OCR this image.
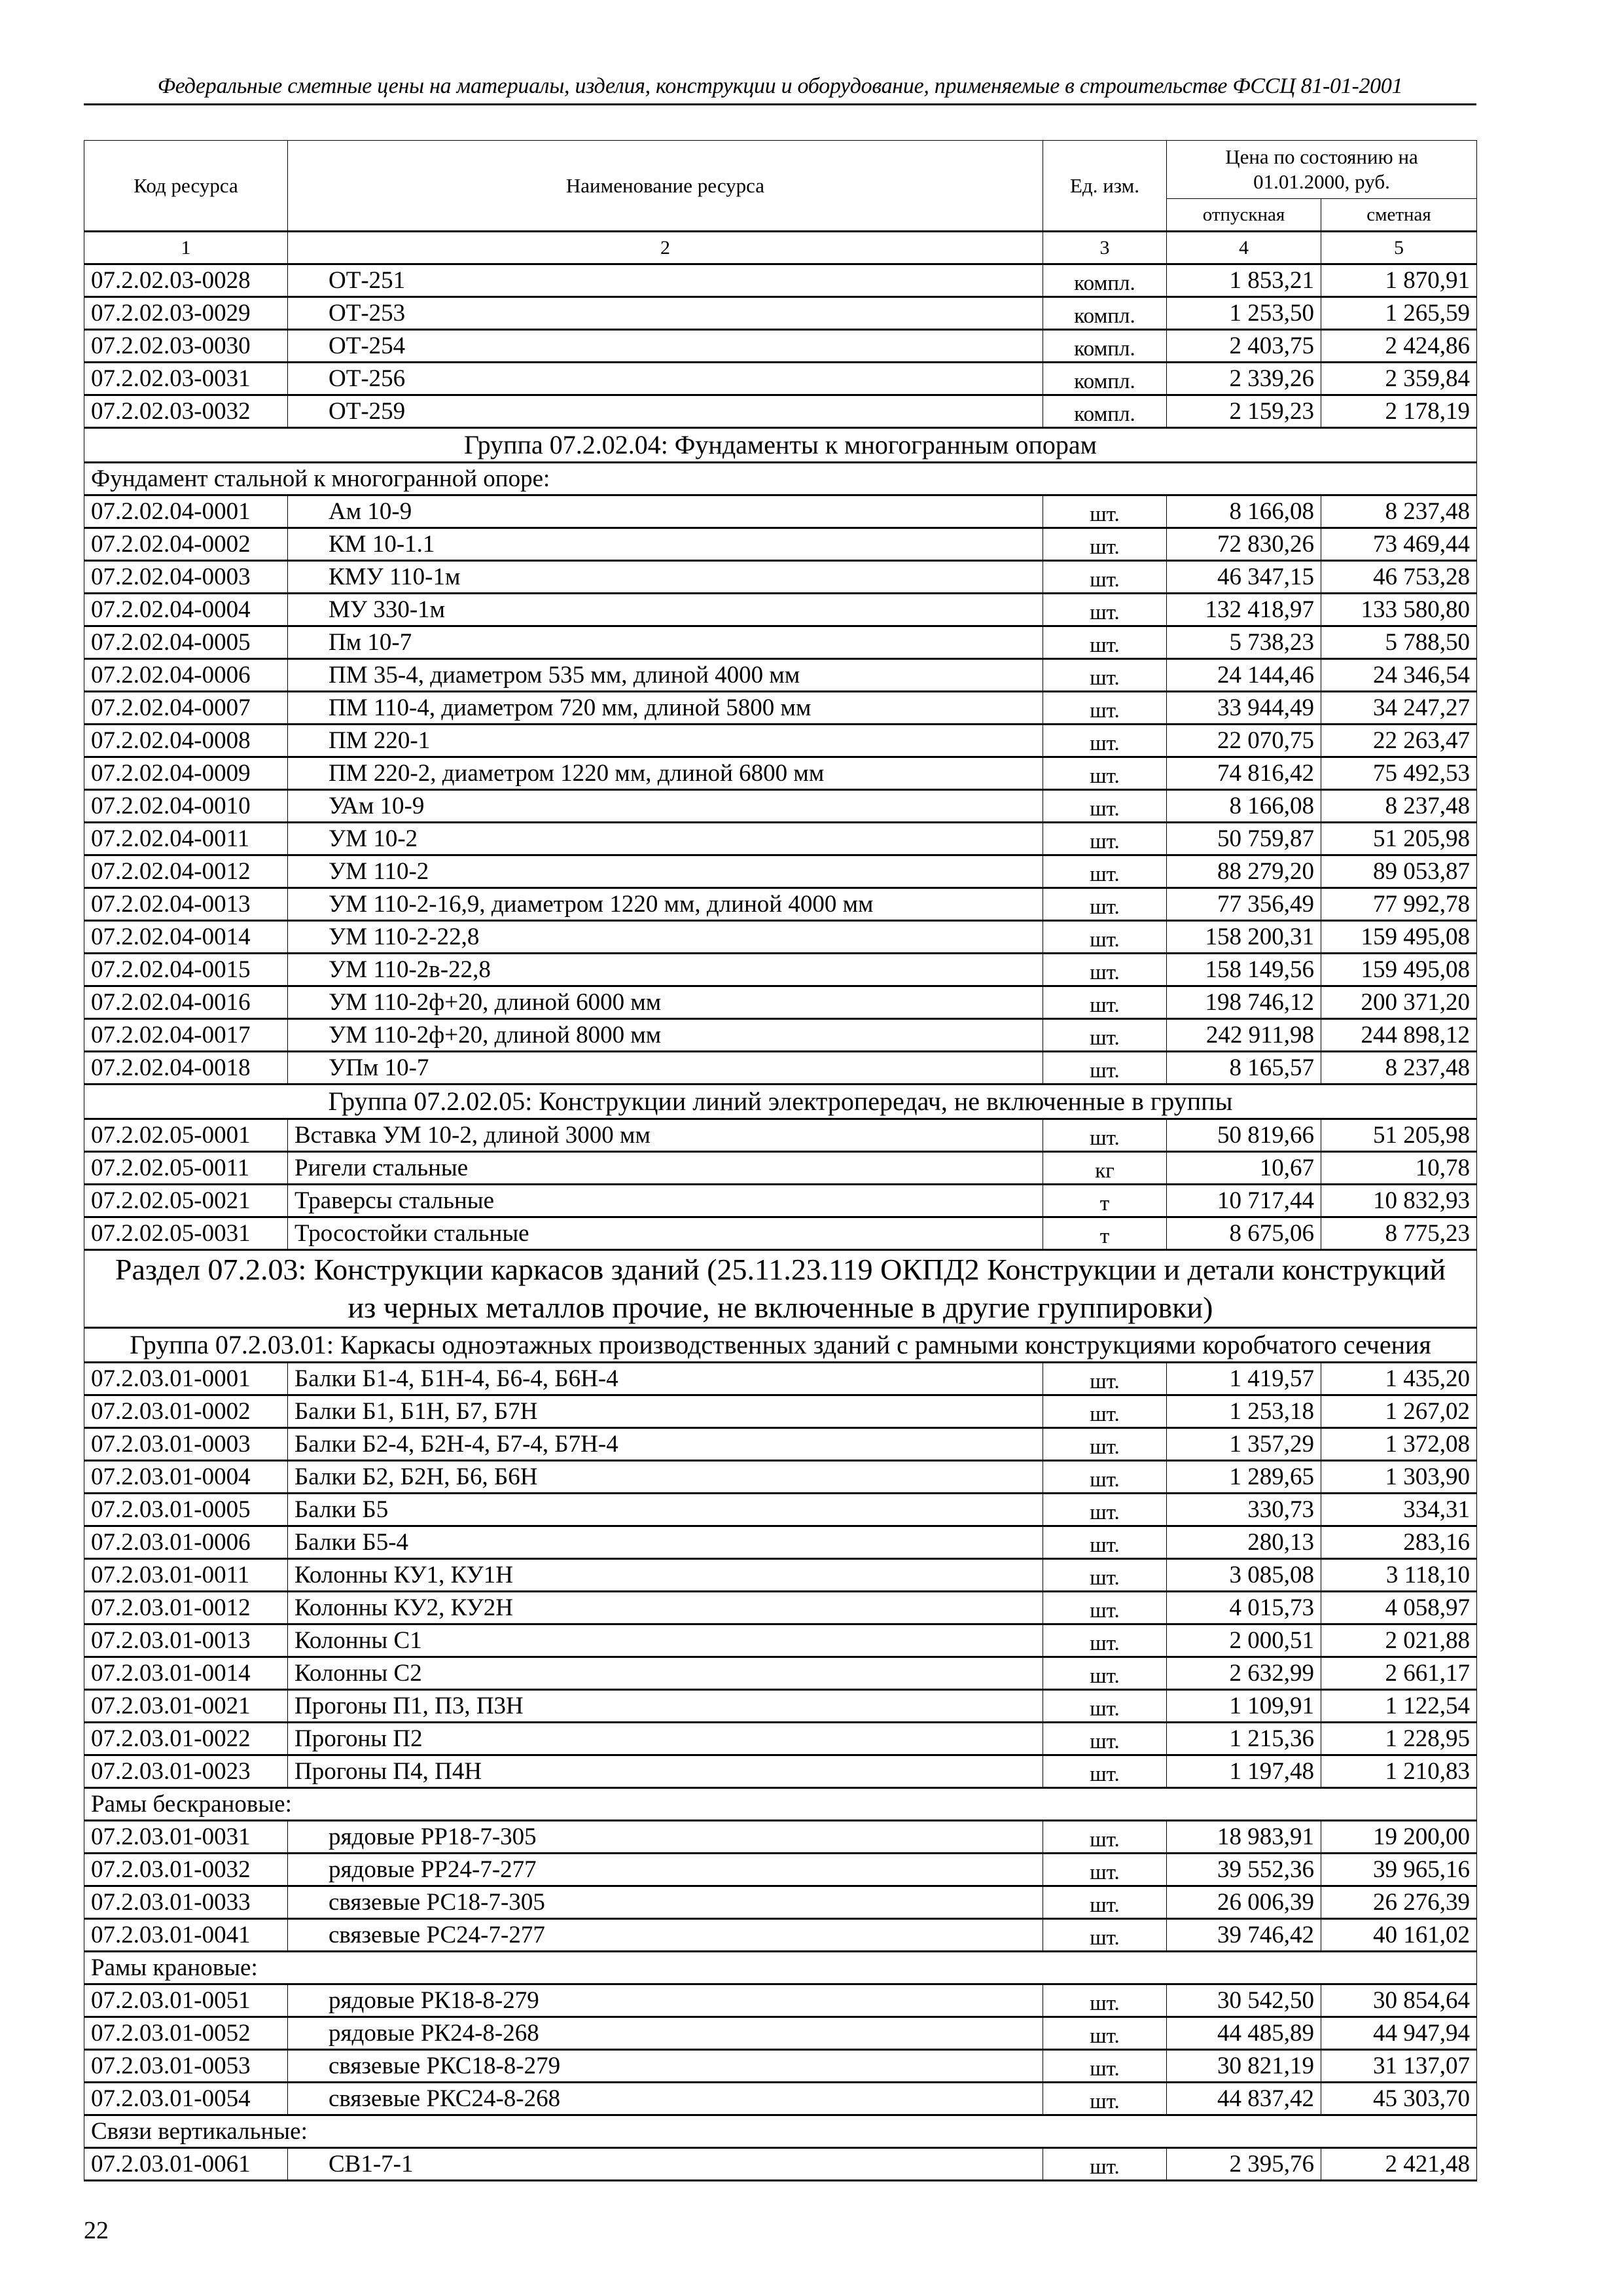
Федеральные сметные цены на материалы, изделия, конструкции и оборудование, применяемые в строительстве ФССЦ 81-01-2001
Код ресурса	Наименование ресурса	Ед. изм.	Цена по состоянию на 01.01.2000, руб.	
			отпускная	сметная
1	2	3	4	5
07.2.02.03-0028	ОТ-251	компл.	1 853,21	1 870,91
07.2.02.03-0029	ОТ-253	компл.	1 253,50	1 265,59
07.2.02.03-0030	ОТ-254	компл.	2 403,75	2 424,86
07.2.02.03-0031	ОТ-256	компл.	2 339,26	2 359,84
07.2.02.03-0032	ОТ-259	компл.	2 159,23	2 178,19
Группа 07.2.02.04: Фундаменты к многогранным опорам				
Фундамент стальной к многогранной опоре:				
07.2.02.04-0001	Ам 10-9	шт.	8 166,08	8 237,48
07.2.02.04-0002	КМ 10-1.1	шт.	72 830,26	73 469,44
07.2.02.04-0003	КМУ 110-1м	шт.	46 347,15	46 753,28
07.2.02.04-0004	МУ 330-1м	шт.	132 418,97	133 580,80
07.2.02.04-0005	Пм 10-7	шт.	5 738,23	5 788,50
07.2.02.04-0006	ПМ 35-4, диаметром 535 мм, длиной 4000 мм	шт.	24 144,46	24 346,54
07.2.02.04-0007	ПМ 110-4, диаметром 720 мм, длиной 5800 мм	шт.	33 944,49	34 247,27
07.2.02.04-0008	ПМ 220-1	шт.	22 070,75	22 263,47
07.2.02.04-0009	ПМ 220-2, диаметром 1220 мм, длиной 6800 мм	шт.	74 816,42	75 492,53
07.2.02.04-0010	УАм 10-9	шт.	8 166,08	8 237,48
07.2.02.04-0011	УМ 10-2	шт.	50 759,87	51 205,98
07.2.02.04-0012	УМ 110-2	шт.	88 279,20	89 053,87
07.2.02.04-0013	УМ 110-2-16,9, диаметром 1220 мм, длиной 4000 мм	шт.	77 356,49	77 992,78
07.2.02.04-0014	УМ 110-2-22,8	шт.	158 200,31	159 495,08
07.2.02.04-0015	УМ 110-2в-22,8	шт.	158 149,56	159 495,08
07.2.02.04-0016	УМ 110-2ф+20, длиной 6000 мм	шт.	198 746,12	200 371,20
07.2.02.04-0017	УМ 110-2ф+20, длиной 8000 мм	шт.	242 911,98	244 898,12
07.2.02.04-0018	УПм 10-7	шт.	8 165,57	8 237,48
Группа 07.2.02.05: Конструкции линий электропередач, не включенные в группы				
07.2.02.05-0001	Вставка УМ 10-2, длиной 3000 мм	шт.	50 819,66	51 205,98
07.2.02.05-0011	Ригели стальные	кг	10,67	10,78
07.2.02.05-0021	Траверсы стальные	т	10 717,44	10 832,93
07.2.02.05-0031	Тросостойки стальные	т	8 675,06	8 775,23
Раздел 07.2.03: Конструкции каркасов зданий (25.11.23.119 ОКПД2 Конструкции и детали конструкций из черных металлов прочие, не включенные в другие группировки)				
Группа 07.2.03.01: Каркасы одноэтажных производственных зданий с рамными конструкциями коробчатого сечения				
07.2.03.01-0001	Балки Б1-4, Б1Н-4, Б6-4, Б6Н-4	шт.	1 419,57	1 435,20
07.2.03.01-0002	Балки Б1, Б1Н, Б7, Б7Н	шт.	1 253,18	1 267,02
07.2.03.01-0003	Балки Б2-4, Б2Н-4, Б7-4, Б7Н-4	шт.	1 357,29	1 372,08
07.2.03.01-0004	Балки Б2, Б2Н, Б6, Б6Н	шт.	1 289,65	1 303,90
07.2.03.01-0005	Балки Б5	шт.	330,73	334,31
07.2.03.01-0006	Балки Б5-4	шт.	280,13	283,16
07.2.03.01-0011	Колонны КУ1, КУ1Н	шт.	3 085,08	3 118,10
07.2.03.01-0012	Колонны КУ2, КУ2Н	шт.	4 015,73	4 058,97
07.2.03.01-0013	Колонны С1	шт.	2 000,51	2 021,88
07.2.03.01-0014	Колонны С2	шт.	2 632,99	2 661,17
07.2.03.01-0021	Прогоны П1, П3, П3Н	шт.	1 109,91	1 122,54
07.2.03.01-0022	Прогоны П2	шт.	1 215,36	1 228,95
07.2.03.01-0023	Прогоны П4, П4Н	шт.	1 197,48	1 210,83
Рамы бескрановые:				
07.2.03.01-0031	рядовые РР18-7-305	шт.	18 983,91	19 200,00
07.2.03.01-0032	рядовые РР24-7-277	шт.	39 552,36	39 965,16
07.2.03.01-0033	связевые РС18-7-305	шт.	26 006,39	26 276,39
07.2.03.01-0041	связевые РС24-7-277	шт.	39 746,42	40 161,02
Рамы крановые:				
07.2.03.01-0051	рядовые РК18-8-279	шт.	30 542,50	30 854,64
07.2.03.01-0052	рядовые РК24-8-268	шт.	44 485,89	44 947,94
07.2.03.01-0053	связевые РКС18-8-279	шт.	30 821,19	31 137,07
07.2.03.01-0054	связевые РКС24-8-268	шт.	44 837,42	45 303,70
Связи вертикальные:				
07.2.03.01-0061	СВ1-7-1	шт.	2 395,76	2 421,48
22
